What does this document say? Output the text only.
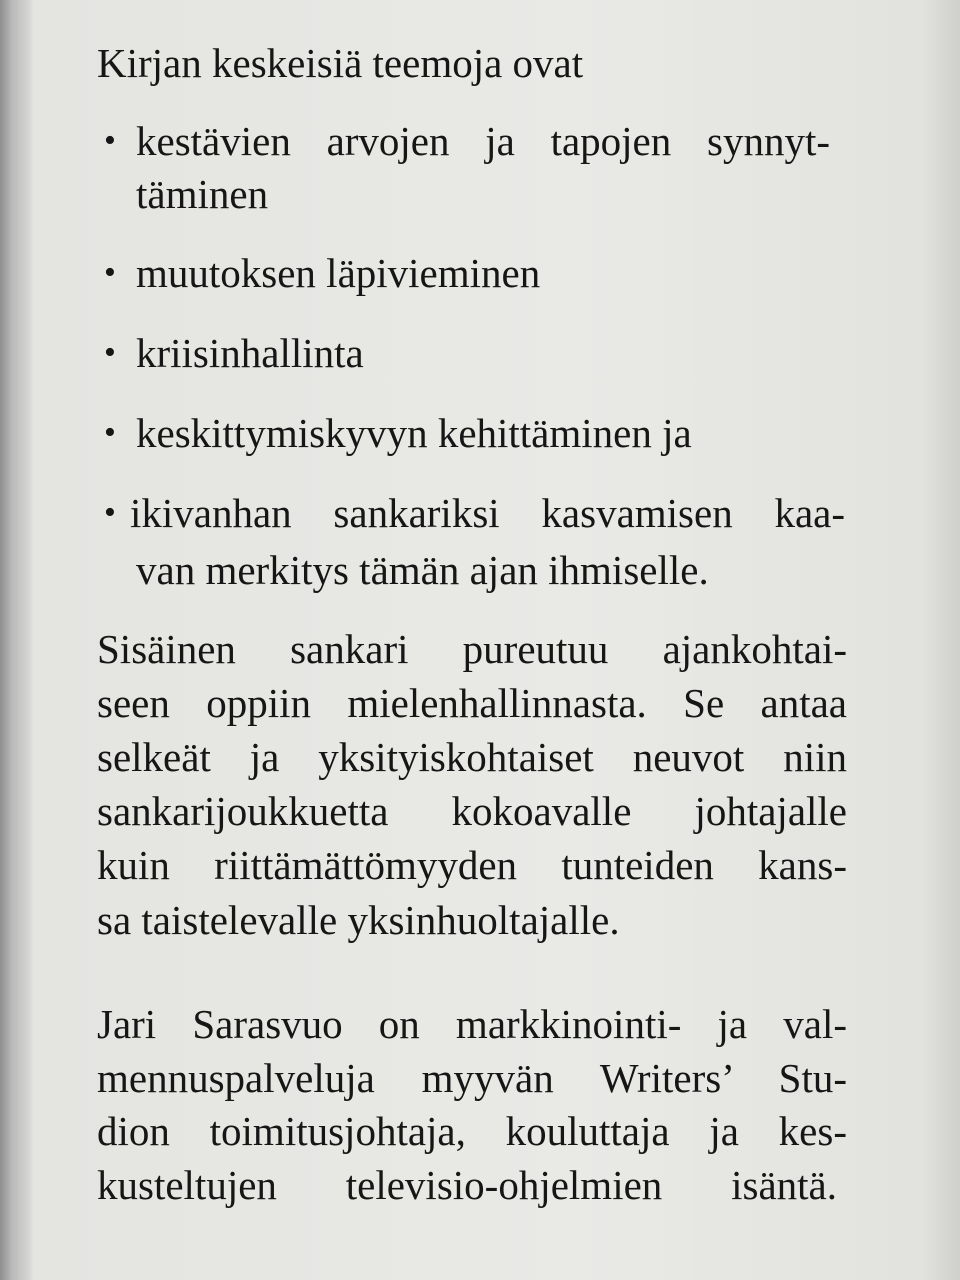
Kirjan keskeisiä teemoja ovat
• kestävien arvojen ja tapojen synnyt-
täminen
• muutoksen läpivieminen
• kriisinhallinta
• keskittymiskyvyn kehittäminen ja
• ikivanhan sankariksi kasvamisen kaa-
van merkitys tämän ajan ihmiselle.
Sisäinen sankari pureutuu ajankohtai-
seen oppiin mielenhallinnasta. Se antaa
selkeät ja yksityiskohtaiset neuvot niin
sankarijoukkuetta kokoavalle johtajalle
kuin riittämättömyyden tunteiden kans-
sa taistelevalle yksinhuoltajalle.
Jari Sarasvuo on markkinointi- ja val-
mennuspalveluja myyvän Writers’ Stu-
dion toimitusjohtaja, kouluttaja ja kes-
kusteltujen televisio-ohjelmien isäntä.
